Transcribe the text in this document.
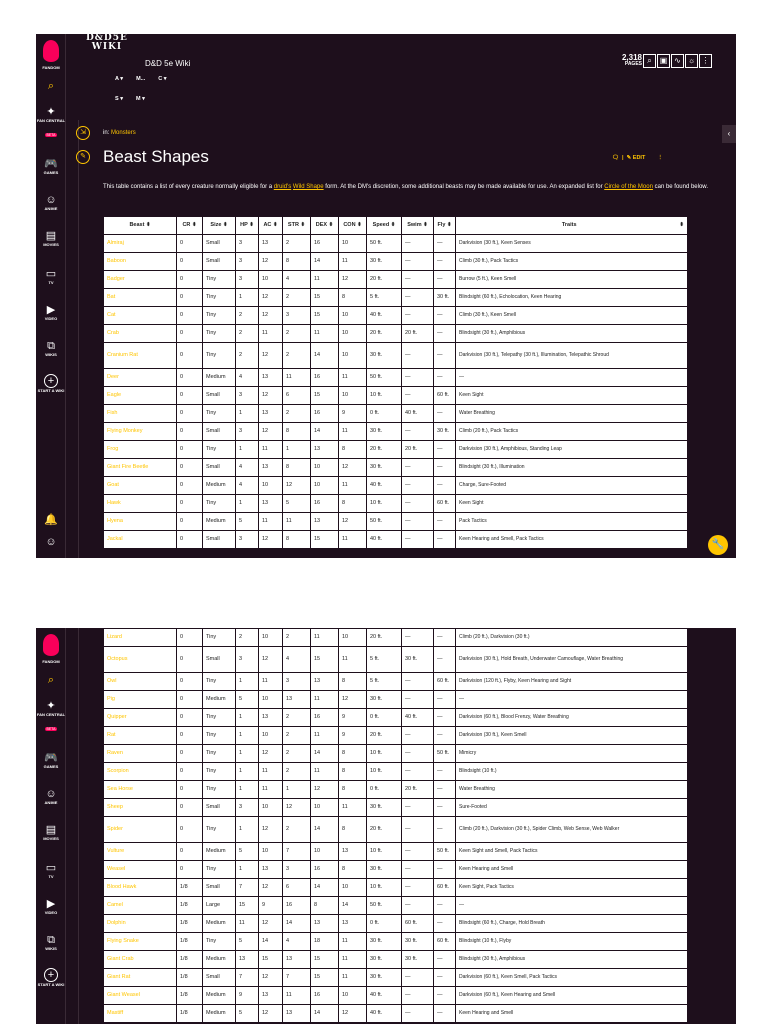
FANDOM
⌕
✦
FAN CENTRAL
BETA
🎮
GAMES
☺
ANIME
▤
MOVIES
▭
TV
▶
VIDEO
⧉
WIKIS
+
START A WIKI
🔔
☺
D&D5E
WIKI
D&D 5e Wiki
2,318
PAGES ⌕ ▣ ∿ ☼ ⋮
A ▾ M... C ▾
S ▾ M ▾
⇲
✎
in: Monsters
Beast Shapes	🗨  |  ✎ EDIT ⋮
‹

This table contains a list of every creature normally eligible for a druid's Wild Shape form. At the DM's discretion, some additional beasts may be made available for use. An expanded list for Circle of the Moon can be found below.

Beast ⬍	CR ⬍	Size ⬍	HP ⬍	AC ⬍	STR ⬍	DEX ⬍	CON ⬍	Speed ⬍	Swim ⬍	Fly ⬍	Traits ⬍

Almiraj	0	Small	3	13	2	16	10	50 ft.	—	—	Darkvision (30 ft.), Keen Senses
Baboon	0	Small	3	12	8	14	11	30 ft.	—	—	Climb (30 ft.), Pack Tactics
Badger	0	Tiny	3	10	4	11	12	20 ft.	—	—	Burrow (5 ft.), Keen Smell
Bat	0	Tiny	1	12	2	15	8	5 ft.	—	30 ft.	Blindsight (60 ft.), Echolocation, Keen Hearing
Cat	0	Tiny	2	12	3	15	10	40 ft.	—	—	Climb (30 ft.), Keen Smell
Crab	0	Tiny	2	11	2	11	10	20 ft.	20 ft.	—	Blindsight (30 ft.), Amphibious
Cranium Rat	0	Tiny	2	12	2	14	10	30 ft.	—	—	Darkvision (30 ft.), Telepathy (30 ft.), Illumination, Telepathic Shroud
Deer	0	Medium	4	13	11	16	11	50 ft.	—	—	—
Eagle	0	Small	3	12	6	15	10	10 ft.	—	60 ft.	Keen Sight
Fish	0	Tiny	1	13	2	16	9	0 ft.	40 ft.	—	Water Breathing
Flying Monkey	0	Small	3	12	8	14	11	30 ft.	—	30 ft.	Climb (20 ft.), Pack Tactics
Frog	0	Tiny	1	11	1	13	8	20 ft.	20 ft.	—	Darkvision (30 ft.), Amphibious, Standing Leap
Giant Fire Beetle	0	Small	4	13	8	10	12	30 ft.	—	—	Blindsight (30 ft.), Illumination
Goat	0	Medium	4	10	12	10	11	40 ft.	—	—	Charge, Sure-Footed
Hawk	0	Tiny	1	13	5	16	8	10 ft.	—	60 ft.	Keen Sight
Hyena	0	Medium	5	11	11	13	12	50 ft.	—	—	Pack Tactics
Jackal	0	Small	3	12	8	15	11	40 ft.	—	—	Keen Hearing and Smell, Pack Tactics	🔧
FANDOM
⌕
✦
FAN CENTRAL
BETA
🎮
GAMES
☺
ANIME
▤
MOVIES
▭
TV
▶
VIDEO
⧉
WIKIS
+
START A WIKI
Lizard	0	Tiny	2	10	2	11	10	20 ft.	—	—	Climb (20 ft.), Darkvision (30 ft.)
Octopus	0	Small	3	12	4	15	11	5 ft.	30 ft.	—	Darkvision (30 ft.), Hold Breath, Underwater Camouflage, Water Breathing
Owl	0	Tiny	1	11	3	13	8	5 ft.	—	60 ft.	Darkvision (120 ft.), Flyby, Keen Hearing and Sight
Pig	0	Medium	5	10	13	11	12	30 ft.	—	—	—
Quipper	0	Tiny	1	13	2	16	9	0 ft.	40 ft.	—	Darkvision (60 ft.), Blood Frenzy, Water Breathing
Rat	0	Tiny	1	10	2	11	9	20 ft.	—	—	Darkvision (30 ft.), Keen Smell
Raven	0	Tiny	1	12	2	14	8	10 ft.	—	50 ft.	Mimicry
Scorpion	0	Tiny	1	11	2	11	8	10 ft.	—	—	Blindsight (10 ft.)
Sea Horse	0	Tiny	1	11	1	12	8	0 ft.	20 ft.	—	Water Breathing
Sheep	0	Small	3	10	12	10	11	30 ft.	—	—	Sure-Footed
Spider	0	Tiny	1	12	2	14	8	20 ft.	—	—	Climb (20 ft.), Darkvision (30 ft.), Spider Climb, Web Sense, Web Walker
Vulture	0	Medium	5	10	7	10	13	10 ft.	—	50 ft.	Keen Sight and Smell, Pack Tactics
Weasel	0	Tiny	1	13	3	16	8	30 ft.	—	—	Keen Hearing and Smell
Blood Hawk	1/8	Small	7	12	6	14	10	10 ft.	—	60 ft.	Keen Sight, Pack Tactics
Camel	1/8	Large	15	9	16	8	14	50 ft.	—	—	—
Dolphin	1/8	Medium	11	12	14	13	13	0 ft.	60 ft.	—	Blindsight (60 ft.), Charge, Hold Breath
Flying Snake	1/8	Tiny	5	14	4	18	11	30 ft.	30 ft.	60 ft.	Blindsight (10 ft.), Flyby
Giant Crab	1/8	Medium	13	15	13	15	11	30 ft.	30 ft.	—	Blindsight (30 ft.), Amphibious
Giant Rat	1/8	Small	7	12	7	15	11	30 ft.	—	—	Darkvision (60 ft.), Keen Smell, Pack Tactics
Giant Weasel	1/8	Medium	9	13	11	16	10	40 ft.	—	—	Darkvision (60 ft.), Keen Hearing and Smell
Mastiff	1/8	Medium	5	12	13	14	12	40 ft.	—	—	Keen Hearing and Smell
